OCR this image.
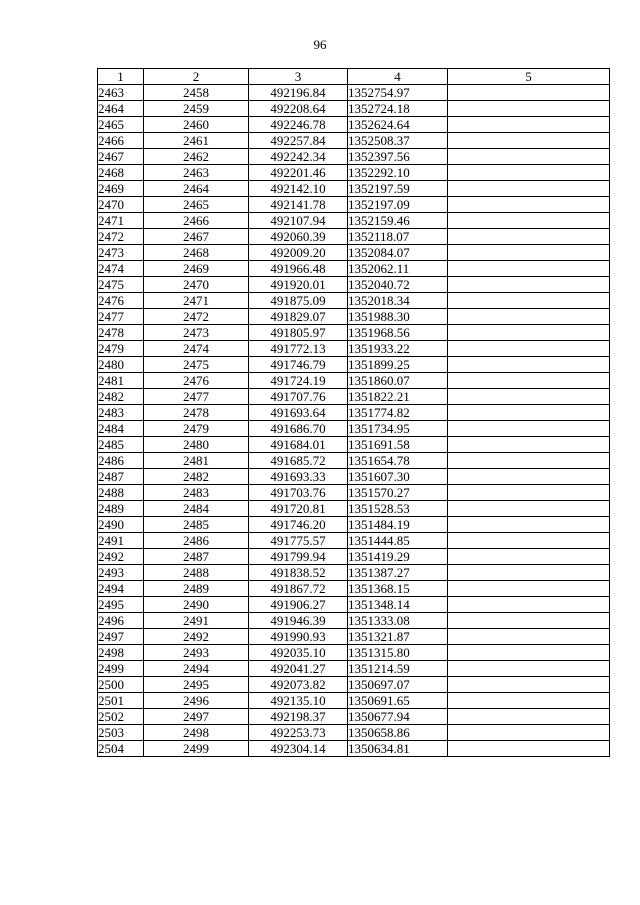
96
1	2	3	4	5
2463	2458	492196.84	1352754.97	
2464	2459	492208.64	1352724.18	
2465	2460	492246.78	1352624.64	
2466	2461	492257.84	1352508.37	
2467	2462	492242.34	1352397.56	
2468	2463	492201.46	1352292.10	
2469	2464	492142.10	1352197.59	
2470	2465	492141.78	1352197.09	
2471	2466	492107.94	1352159.46	
2472	2467	492060.39	1352118.07	
2473	2468	492009.20	1352084.07	
2474	2469	491966.48	1352062.11	
2475	2470	491920.01	1352040.72	
2476	2471	491875.09	1352018.34	
2477	2472	491829.07	1351988.30	
2478	2473	491805.97	1351968.56	
2479	2474	491772.13	1351933.22	
2480	2475	491746.79	1351899.25	
2481	2476	491724.19	1351860.07	
2482	2477	491707.76	1351822.21	
2483	2478	491693.64	1351774.82	
2484	2479	491686.70	1351734.95	
2485	2480	491684.01	1351691.58	
2486	2481	491685.72	1351654.78	
2487	2482	491693.33	1351607.30	
2488	2483	491703.76	1351570.27	
2489	2484	491720.81	1351528.53	
2490	2485	491746.20	1351484.19	
2491	2486	491775.57	1351444.85	
2492	2487	491799.94	1351419.29	
2493	2488	491838.52	1351387.27	
2494	2489	491867.72	1351368.15	
2495	2490	491906.27	1351348.14	
2496	2491	491946.39	1351333.08	
2497	2492	491990.93	1351321.87	
2498	2493	492035.10	1351315.80	
2499	2494	492041.27	1351214.59	
2500	2495	492073.82	1350697.07	
2501	2496	492135.10	1350691.65	
2502	2497	492198.37	1350677.94	
2503	2498	492253.73	1350658.86	
2504	2499	492304.14	1350634.81	
